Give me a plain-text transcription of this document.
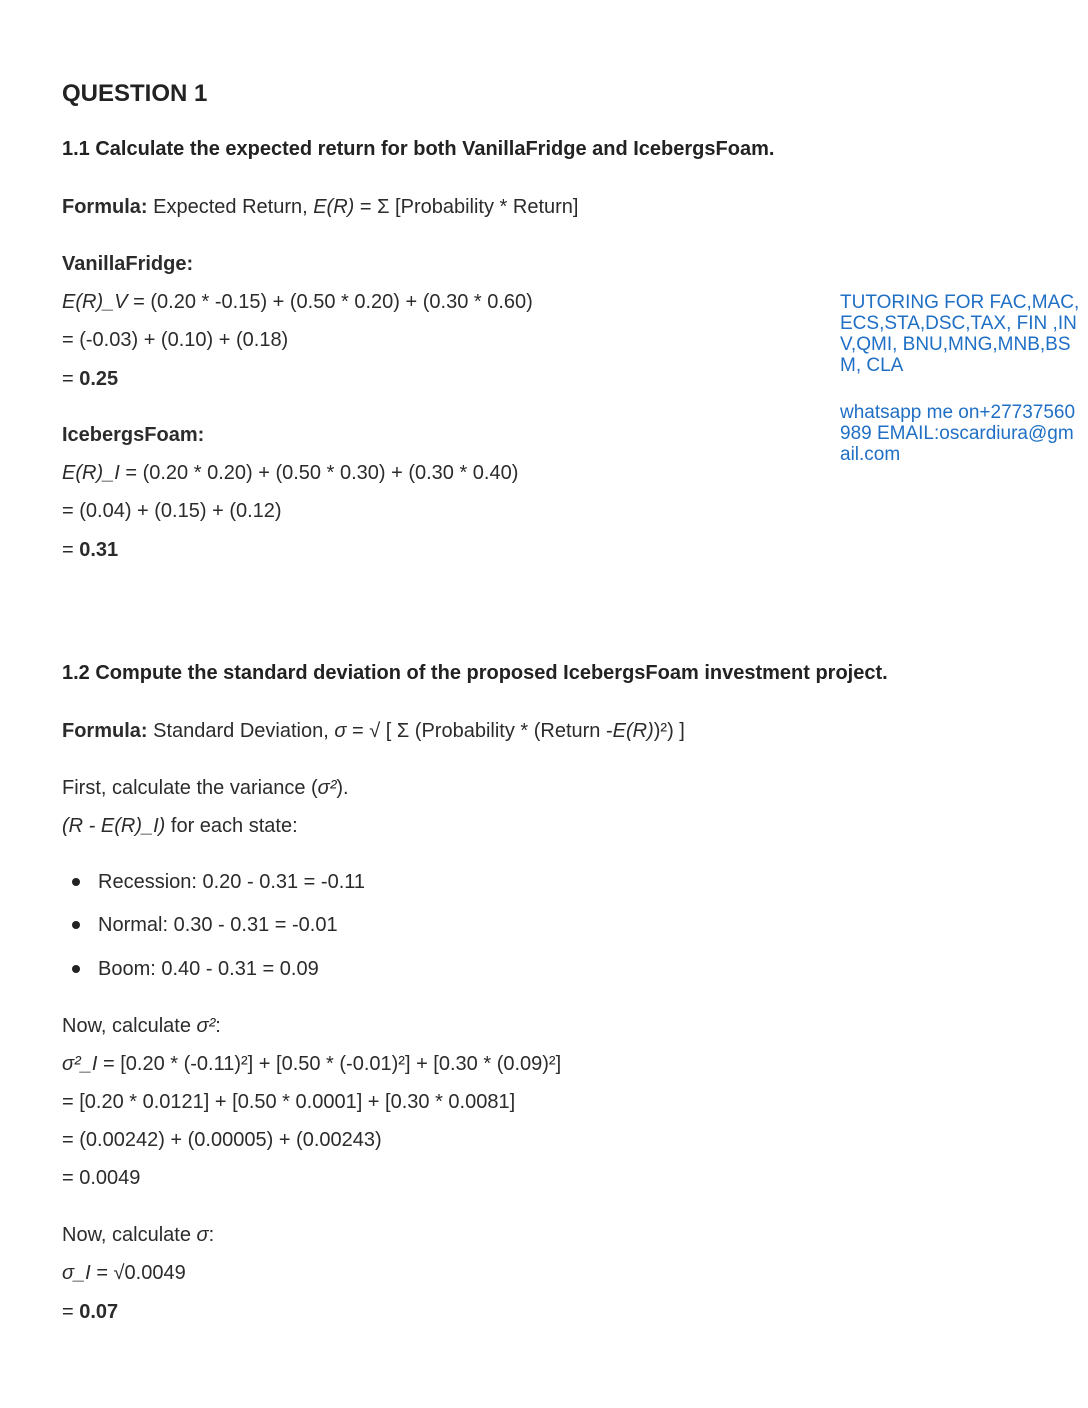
QUESTION 1
1.1 Calculate the expected return for both VanillaFridge and IcebergsFoam.
Formula: Expected Return, E(R) = Σ [Probability * Return]
VanillaFridge:
E(R)_V = (0.20 * -0.15) + (0.50 * 0.20) + (0.30 * 0.60)
= (-0.03) + (0.10) + (0.18)
= 0.25
IcebergsFoam:
E(R)_I = (0.20 * 0.20) + (0.50 * 0.30) + (0.30 * 0.40)
= (0.04) + (0.15) + (0.12)
= 0.31
TUTORING FOR FAC,MAC,ECS,STA,DSC,TAX, FIN ,INV,QMI, BNU,MNG,MNB,BSM, CLA
whatsapp me on+27737560989 EMAIL:oscardiura@gmail.com
1.2 Compute the standard deviation of the proposed IcebergsFoam investment project.
Formula: Standard Deviation, σ = √ [ Σ (Probability * (Return -E(R))²) ]
First, calculate the variance (σ²).
(R - E(R)_I) for each state:
Recession: 0.20 - 0.31 = -0.11
Normal: 0.30 - 0.31 = -0.01
Boom: 0.40 - 0.31 = 0.09
Now, calculate σ²:
σ²_I = [0.20 * (-0.11)²] + [0.50 * (-0.01)²] + [0.30 * (0.09)²]
= [0.20 * 0.0121] + [0.50 * 0.0001] + [0.30 * 0.0081]
= (0.00242) + (0.00005) + (0.00243)
= 0.0049
Now, calculate σ:
σ_I = √0.0049
= 0.07
